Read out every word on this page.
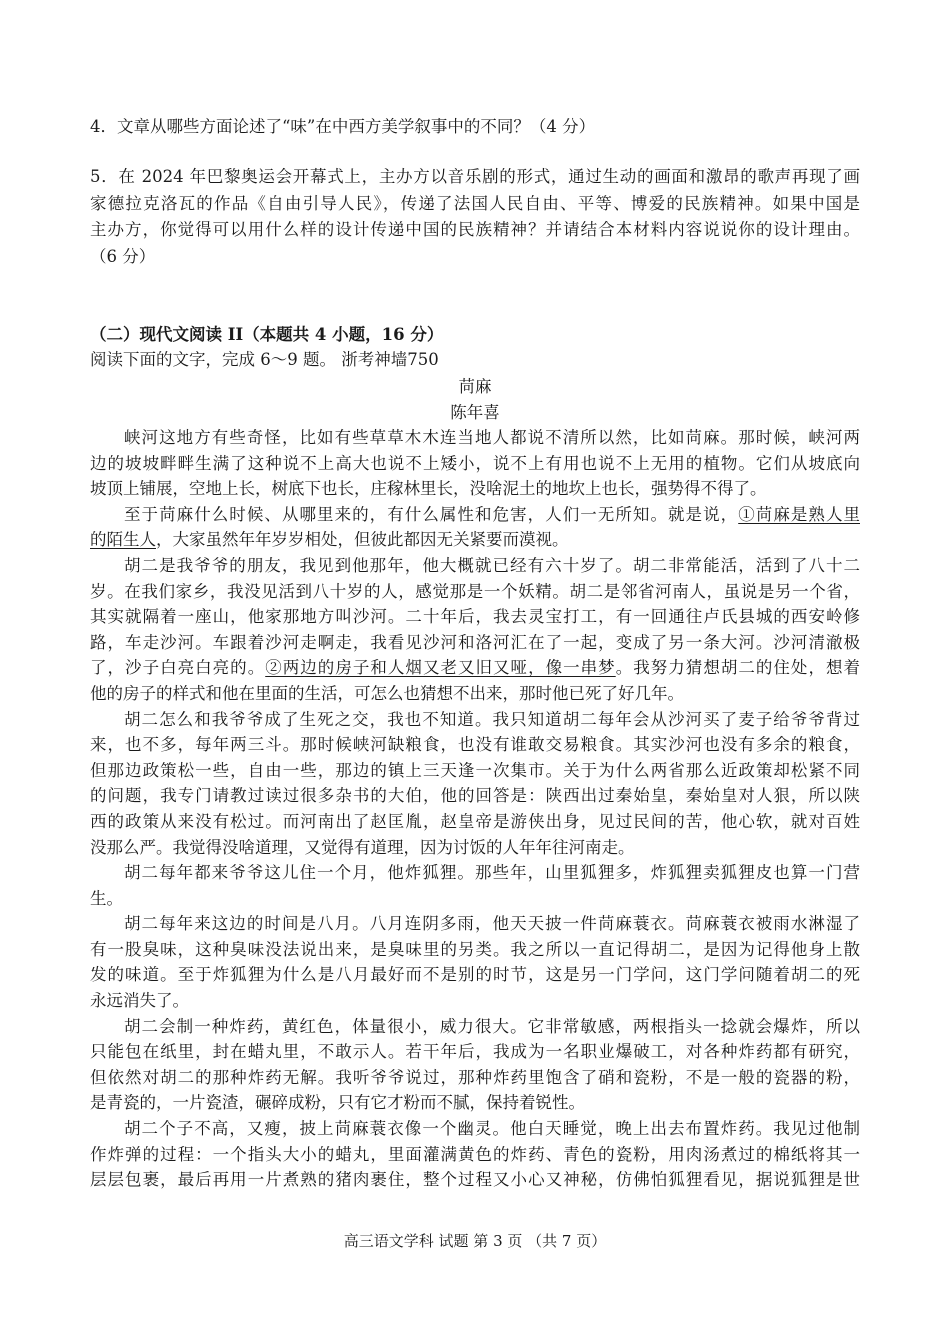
4．文章从哪些方面论述了“味”在中西方美学叙事中的不同？（4 分）
5．在 2024 年巴黎奥运会开幕式上，主办方以音乐剧的形式，通过生动的画面和激昂的歌声再现了画
家德拉克洛瓦的作品《自由引导人民》，传递了法国人民自由、平等、博爱的民族精神。如果中国是
主办方，你觉得可以用什么样的设计传递中国的民族精神？并请结合本材料内容说说你的设计理由。
（6 分）
（二）现代文阅读 II（本题共 4 小题，16 分）
阅读下面的文字，完成 6～9 题。 浙考神墙750
苘麻
陈年喜
峡河这地方有些奇怪，比如有些草草木木连当地人都说不清所以然，比如苘麻。那时候，峡河两
边的坡坡畔畔生满了这种说不上高大也说不上矮小，说不上有用也说不上无用的植物。它们从坡底向
坡顶上铺展，空地上长，树底下也长，庄稼林里长，没啥泥土的地坎上也长，强势得不得了。
至于苘麻什么时候、从哪里来的，有什么属性和危害，人们一无所知。就是说，①苘麻是熟人里
的陌生人，大家虽然年年岁岁相处，但彼此都因无关紧要而漠视。
胡二是我爷爷的朋友，我见到他那年，他大概就已经有六十岁了。胡二非常能活，活到了八十二
岁。在我们家乡，我没见活到八十岁的人，感觉那是一个妖精。胡二是邻省河南人，虽说是另一个省，
其实就隔着一座山，他家那地方叫沙河。二十年后，我去灵宝打工，有一回通往卢氏县城的西安岭修
路，车走沙河。车跟着沙河走啊走，我看见沙河和洛河汇在了一起，变成了另一条大河。沙河清澈极
了，沙子白亮白亮的。②两边的房子和人烟又老又旧又哑，像一串梦。我努力猜想胡二的住处，想着
他的房子的样式和他在里面的生活，可怎么也猜想不出来，那时他已死了好几年。
胡二怎么和我爷爷成了生死之交，我也不知道。我只知道胡二每年会从沙河买了麦子给爷爷背过
来，也不多，每年两三斗。那时候峡河缺粮食，也没有谁敢交易粮食。其实沙河也没有多余的粮食，
但那边政策松一些，自由一些，那边的镇上三天逢一次集市。关于为什么两省那么近政策却松紧不同
的问题，我专门请教过读过很多杂书的大伯，他的回答是：陕西出过秦始皇，秦始皇对人狠，所以陕
西的政策从来没有松过。而河南出了赵匡胤，赵皇帝是游侠出身，见过民间的苦，他心软，就对百姓
没那么严。我觉得没啥道理，又觉得有道理，因为讨饭的人年年往河南走。
胡二每年都来爷爷这儿住一个月，他炸狐狸。那些年，山里狐狸多，炸狐狸卖狐狸皮也算一门营
生。
胡二每年来这边的时间是八月。八月连阴多雨，他天天披一件苘麻蓑衣。苘麻蓑衣被雨水淋湿了
有一股臭味，这种臭味没法说出来，是臭味里的另类。我之所以一直记得胡二，是因为记得他身上散
发的味道。至于炸狐狸为什么是八月最好而不是别的时节，这是另一门学问，这门学问随着胡二的死
永远消失了。
胡二会制一种炸药，黄红色，体量很小，威力很大。它非常敏感，两根指头一捻就会爆炸，所以
只能包在纸里，封在蜡丸里，不敢示人。若干年后，我成为一名职业爆破工，对各种炸药都有研究，
但依然对胡二的那种炸药无解。我听爷爷说过，那种炸药里饱含了硝和瓷粉，不是一般的瓷器的粉，
是青瓷的，一片瓷渣，碾碎成粉，只有它才粉而不腻，保持着锐性。
胡二个子不高，又瘦，披上苘麻蓑衣像一个幽灵。他白天睡觉，晚上出去布置炸药。我见过他制
作炸弹的过程：一个指头大小的蜡丸，里面灌满黄色的炸药、青色的瓷粉，用肉汤煮过的棉纸将其一
层层包裹，最后再用一片煮熟的猪肉裹住，整个过程又小心又神秘，仿佛怕狐狸看见，据说狐狸是世
高三语文学科 试题 第 3 页 （共 7 页）
